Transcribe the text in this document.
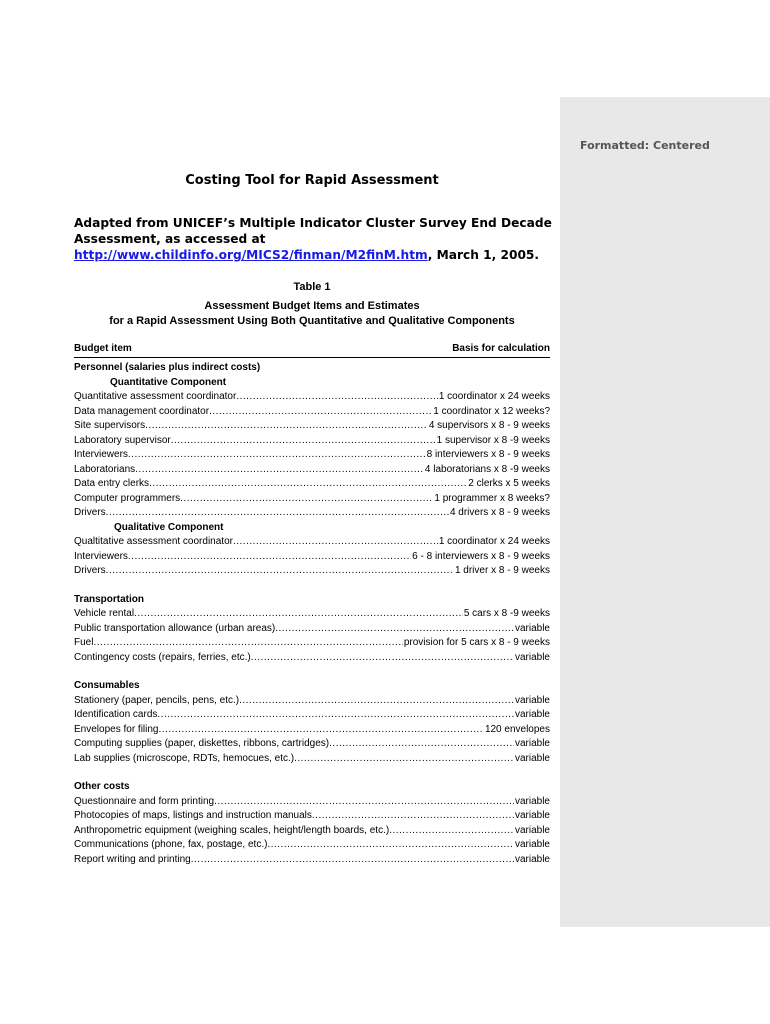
Formatted: Centered
Costing Tool for Rapid Assessment
Adapted from UNICEF’s Multiple Indicator Cluster Survey End Decade
Assessment, as accessed at
http://www.childinfo.org/MICS2/finman/M2finM.htm, March 1, 2005.
Table 1
Assessment Budget Items and Estimates
for a Rapid Assessment Using Both Quantitative and Qualitative Components
Budget item	Basis for calculation
Personnel (salaries plus indirect costs)
Quantitative Component
Quantitative assessment coordinator .....	1 coordinator x 24 weeks
Data management coordinator .....	1 coordinator x 12 weeks?
Site supervisors .....	4 supervisors x 8 - 9 weeks
Laboratory supervisor .....	1 supervisor x 8 -9 weeks
Interviewers .....	8 interviewers x 8 - 9 weeks
Laboratorians .....	4 laboratorians x 8 -9 weeks
Data entry clerks .....	2 clerks x 5 weeks
Computer programmers .....	1 programmer x 8 weeks?
Drivers .....	4 drivers x 8 - 9 weeks
Qualitative Component
Qualtitative assessment coordinator .....	1 coordinator x 24 weeks
Interviewers .....	6 - 8 interviewers x 8 - 9 weeks
Drivers .....	1 driver x 8 - 9 weeks
Transportation
Vehicle rental .....	5 cars x 8 -9 weeks
Public transportation allowance (urban areas) .....	variable
Fuel .....	provision for 5 cars x 8 - 9 weeks
Contingency costs (repairs, ferries, etc.) .....	variable
Consumables
Stationery (paper, pencils, pens, etc.) .....	variable
Identification cards .....	variable
Envelopes for filing .....	120 envelopes
Computing supplies (paper, diskettes, ribbons, cartridges) .....	variable
Lab supplies (microscope, RDTs, hemocues, etc.) .....	variable
Other costs
Questionnaire and form printing .....	variable
Photocopies of maps, listings and instruction manuals .....	variable
Anthropometric equipment (weighing scales, height/length boards, etc.) .....	variable
Communications (phone, fax, postage, etc.) .....	variable
Report writing and printing .....	variable
